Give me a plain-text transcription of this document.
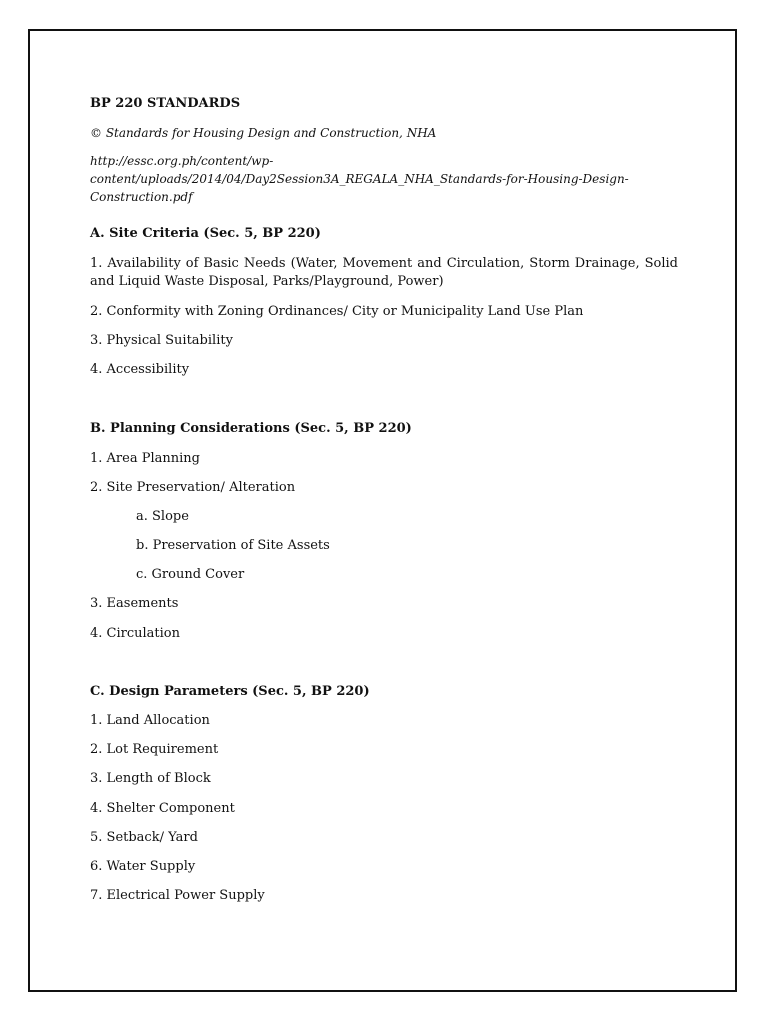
BP 220 STANDARDS
© Standards for Housing Design and Construction, NHA
http://essc.org.ph/content/wp-content/uploads/2014/04/Day2Session3A_REGALA_NHA_Standards-for-Housing-Design-Construction.pdf
A. Site Criteria (Sec. 5, BP 220)
1. Availability of Basic Needs (Water, Movement and Circulation, Storm Drainage, Solid and Liquid Waste Disposal, Parks/Playground, Power)
2. Conformity with Zoning Ordinances/ City or Municipality Land Use Plan
3. Physical Suitability
4. Accessibility
B. Planning Considerations (Sec. 5, BP 220)
1. Area Planning
2. Site Preservation/ Alteration
a. Slope
b. Preservation of Site Assets
c. Ground Cover
3. Easements
4. Circulation
C. Design Parameters (Sec. 5, BP 220)
1. Land Allocation
2. Lot Requirement
3. Length of Block
4. Shelter Component
5. Setback/ Yard
6. Water Supply
7. Electrical Power Supply
